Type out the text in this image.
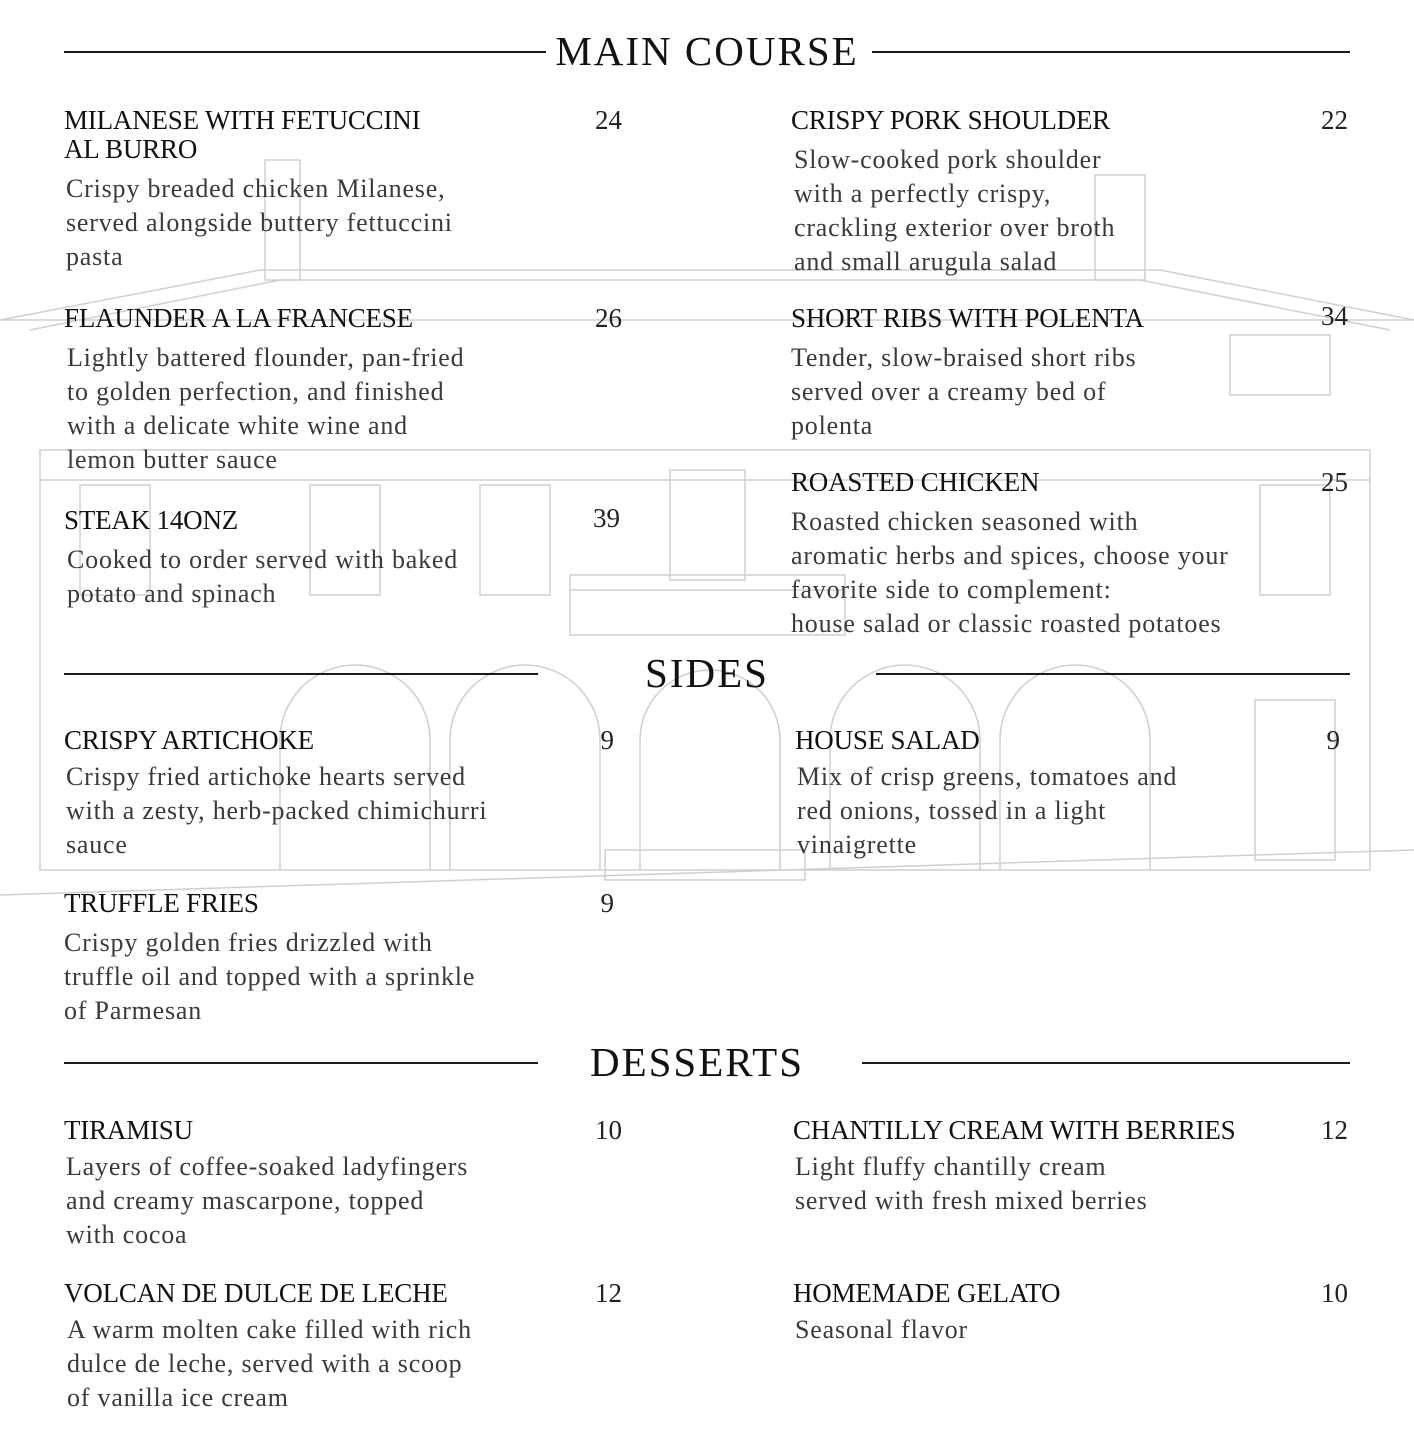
MAIN COURSE
MILANESE WITH FETUCCINI
AL BURRO
Crispy breaded chicken Milanese,
served alongside buttery fettuccini
pasta
24
FLAUNDER A LA FRANCESE
Lightly battered flounder, pan-fried
to golden perfection, and finished
with a delicate white wine and
lemon butter sauce
26
STEAK 14ONZ
Cooked to order served with baked
potato and spinach
39
CRISPY PORK SHOULDER
Slow-cooked pork shoulder
with a perfectly crispy,
crackling exterior over broth
and small arugula salad
22
SHORT RIBS WITH POLENTA
Tender, slow-braised short ribs
served over a creamy bed of
polenta
34
ROASTED CHICKEN
Roasted chicken seasoned with
aromatic herbs and spices, choose your
favorite side to complement:
house salad or classic roasted potatoes
25
SIDES
CRISPY ARTICHOKE
Crispy fried artichoke hearts served
with a zesty, herb-packed chimichurri
sauce
9
TRUFFLE FRIES
Crispy golden fries drizzled with
truffle oil and topped with a sprinkle
of Parmesan
9
HOUSE SALAD
Mix of crisp greens, tomatoes and
red onions, tossed in a light
vinaigrette
9
DESSERTS
TIRAMISU
Layers of coffee-soaked ladyfingers
and creamy mascarpone, topped
with cocoa
10
VOLCAN DE DULCE DE LECHE
A warm molten cake filled with rich
dulce de leche, served with a scoop
of vanilla ice cream
12
CHANTILLY CREAM WITH BERRIES
Light fluffy chantilly cream
served with fresh mixed berries
12
HOMEMADE GELATO
Seasonal flavor
10
